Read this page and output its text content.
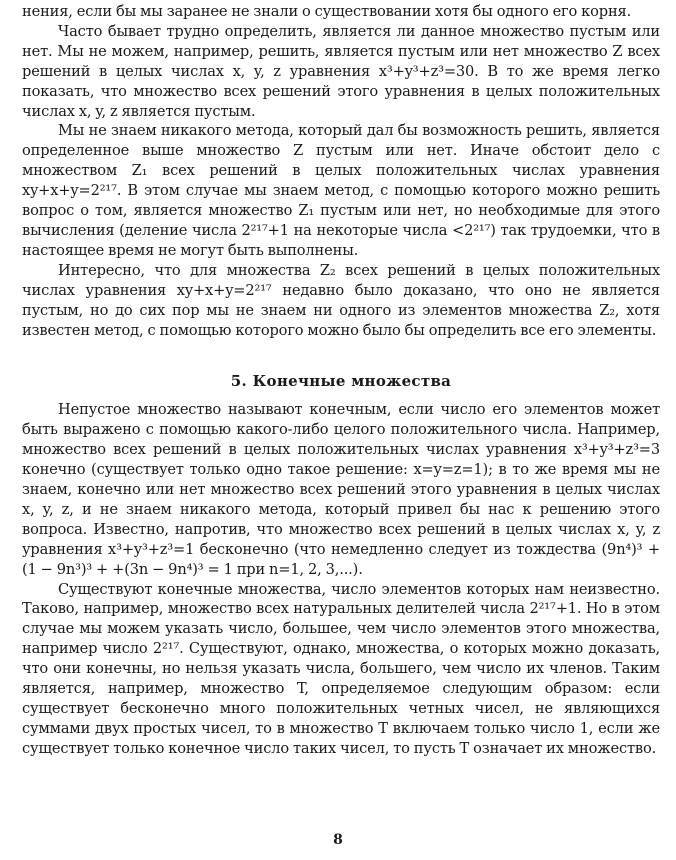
нения, если бы мы заранее не знали о существовании хотя бы одного его корня.

Часто бывает трудно определить, является ли данное множество пустым или нет. Мы не можем, например, решить, является пустым или нет множество Z всех решений в целых числах x, y, z уравнения x³+y³+z³=30. В то же время легко показать, что множество всех решений этого уравнения в целых положительных числах x, y, z является пустым.

Мы не знаем никакого метода, который дал бы возможность решить, является определенное выше множество Z пустым или нет. Иначе обстоит дело с множеством Z₁ всех решений в целых положительных числах уравнения xy+x+y=2²¹⁷. В этом случае мы знаем метод, с помощью которого можно решить вопрос о том, является множество Z₁ пустым или нет, но необходимые для этого вычисления (деление числа 2²¹⁷+1 на некоторые числа <2²¹⁷) так трудоемки, что в настоящее время не могут быть выполнены.

Интересно, что для множества Z₂ всех решений в целых положительных числах уравнения xy+x+y=2²¹⁷ недавно было доказано, что оно не является пустым, но до сих пор мы не знаем ни одного из элементов множества Z₂, хотя известен метод, с помощью которого можно было бы определить все его элементы.

5. Конечные множества

Непустое множество называют конечным, если число его элементов может быть выражено с помощью какого-либо целого положительного числа. Например, множество всех решений в целых положительных числах уравнения x³+y³+z³=3 конечно (существует только одно такое решение: x=y=z=1); в то же время мы не знаем, конечно или нет множество всех решений этого уравнения в целых числах x, y, z, и не знаем никакого метода, который привел бы нас к решению этого вопроса. Известно, напротив, что множество всех решений в целых числах x, y, z уравнения x³+y³+z³=1 бесконечно (что немедленно следует из тождества (9n⁴)³ + (1 − 9n³)³ + +(3n − 9n⁴)³ = 1 при n=1, 2, 3,...).

Существуют конечные множества, число элементов которых нам неизвестно. Таково, например, множество всех натуральных делителей числа 2²¹⁷+1. Но в этом случае мы можем указать число, большее, чем число элементов этого множества, например число 2²¹⁷. Существуют, однако, множества, о которых можно доказать, что они конечны, но нельзя указать числа, большего, чем число их членов. Таким является, например, множество T, определяемое следующим образом: если существует бесконечно много положительных четных чисел, не являющихся суммами двух простых чисел, то в множество T включаем только число 1, если же существует только конечное число таких чисел, то пусть T означает их множество.

8
